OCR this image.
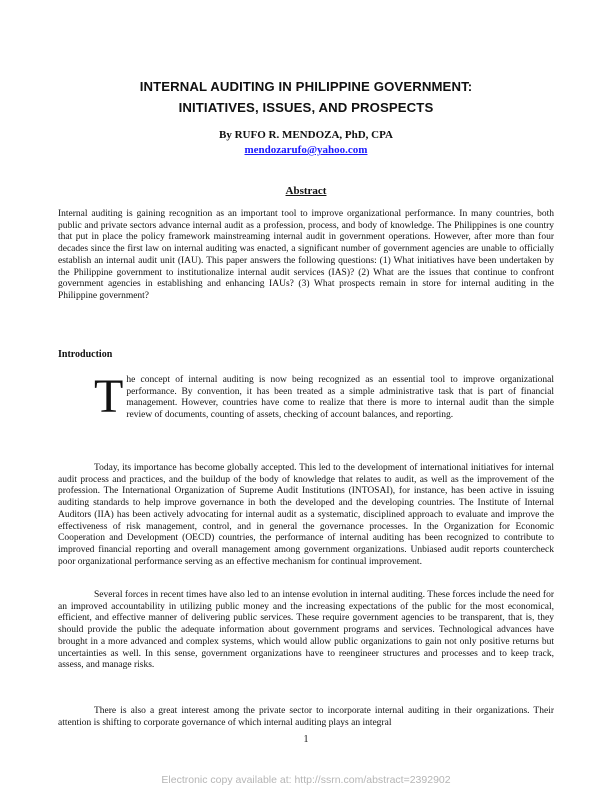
INTERNAL AUDITING IN PHILIPPINE GOVERNMENT:
INITIATIVES, ISSUES, AND PROSPECTS
By RUFO R. MENDOZA, PhD, CPA
mendozarufo@yahoo.com
Abstract

Internal auditing is gaining recognition as an important tool to improve organizational performance. In many countries, both public and private sectors advance internal audit as a profession, process, and body of knowledge. The Philippines is one country that put in place the policy framework mainstreaming internal audit in government operations. However, after more than four decades since the first law on internal auditing was enacted, a significant number of government agencies are unable to officially establish an internal audit unit (IAU). This paper answers the following questions: (1) What initiatives have been undertaken by the Philippine government to institutionalize internal audit services (IAS)? (2) What are the issues that continue to confront government agencies in establishing and enhancing IAUs? (3) What prospects remain in store for internal auditing in the Philippine government?

Introduction

The concept of internal auditing is now being recognized as an essential tool to improve organizational performance. By convention, it has been treated as a simple administrative task that is part of financial management. However, countries have come to realize that there is more to internal audit than the simple review of documents, counting of assets, checking of account balances, and reporting.

Today, its importance has become globally accepted. This led to the development of international initiatives for internal audit process and practices, and the buildup of the body of knowledge that relates to audit, as well as the improvement of the profession. The International Organization of Supreme Audit Institutions (INTOSAI), for instance, has been active in issuing auditing standards to help improve governance in both the developed and the developing countries. The Institute of Internal Auditors (IIA) has been actively advocating for internal audit as a systematic, disciplined approach to evaluate and improve the effectiveness of risk management, control, and in general the governance processes. In the Organization for Economic Cooperation and Development (OECD) countries, the performance of internal auditing has been recognized to contribute to improved financial reporting and overall management among government organizations. Unbiased audit reports countercheck poor organizational performance serving as an effective mechanism for continual improvement.

Several forces in recent times have also led to an intense evolution in internal auditing. These forces include the need for an improved accountability in utilizing public money and the increasing expectations of the public for the most economical, efficient, and effective manner of delivering public services. These require government agencies to be transparent, that is, they should provide the public the adequate information about government programs and services. Technological advances have brought in a more advanced and complex systems, which would allow public organizations to gain not only positive returns but uncertainties as well. In this sense, government organizations have to reengineer structures and processes and to keep track, assess, and manage risks.

There is also a great interest among the private sector to incorporate internal auditing in their organizations. Their attention is shifting to corporate governance of which internal auditing plays an integral

1
Electronic copy available at: http://ssrn.com/abstract=2392902
